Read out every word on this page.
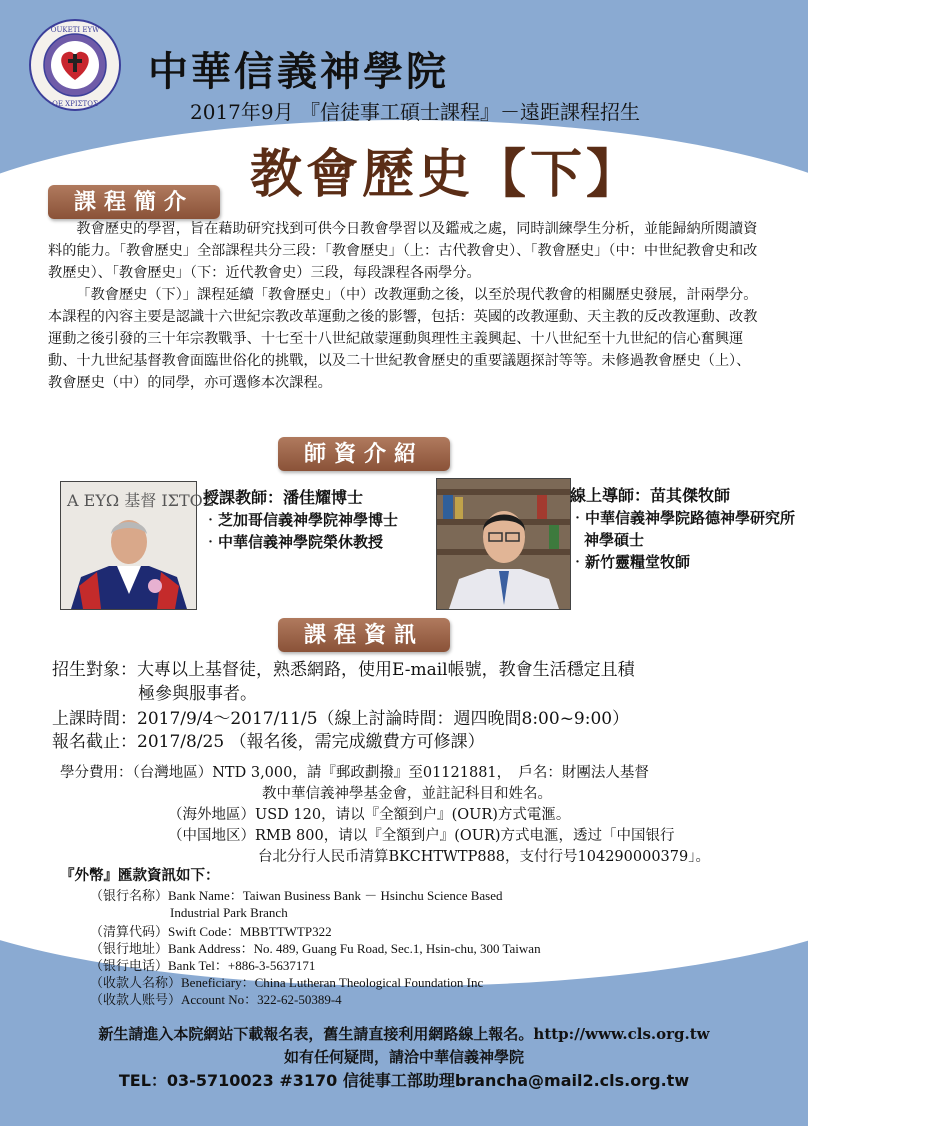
OUKETI EYW
OE XPIΣTOΣ
中華信義神學院
2017年9月 『信徒事工碩士課程』－遠距課程招生
教會歷史【下】
課程簡介

教會歷史的學習，旨在藉助研究找到可供今日教會學習以及鑑戒之處，同時訓練學生分析，並能歸納所閱讀資料的能力。「教會歷史」全部課程共分三段：「教會歷史」（上：古代教會史）、「教會歷史」（中：中世紀教會史和改教歷史）、「教會歷史」（下：近代教會史）三段，每段課程各兩學分。

「教會歷史（下）」課程延續「教會歷史」（中）改教運動之後，以至於現代教會的相關歷史發展，計兩學分。本課程的內容主要是認識十六世紀宗教改革運動之後的影響，包括：英國的改教運動、天主教的反改教運動、改教運動之後引發的三十年宗教戰爭、十七至十八世紀啟蒙運動與理性主義興起、十八世紀至十九世紀的信心奮興運動、十九世紀基督教會面臨世俗化的挑戰，以及二十世紀教會歷史的重要議題探討等等。未修過教會歷史（上）、教會歷史（中）的同學，亦可選修本次課程。

師資介紹
A ΕΥΩ 基督 ΙΣΤΟΣ
授課教師：潘佳耀博士
‧芝加哥信義神學院神學博士
‧中華信義神學院榮休教授
線上導師：苗其傑牧師
‧中華信義神學院路德神學研究所神學碩士
‧新竹靈糧堂牧師
課程資訊
招生對象：大專以上基督徒，熟悉網路，使用E-mail帳號，教會生活穩定且積
極參與服事者。
上課時間：2017/9/4～2017/11/5（線上討論時間：週四晚間8:00~9:00）
報名截止：2017/8/25 （報名後，需完成繳費方可修課）
學分費用：（台灣地區）NTD 3,000，請『郵政劃撥』至01121881，　戶名：財團法人基督
教中華信義神學基金會，並註記科目和姓名。
（海外地區）USD 120，请以『全額到户』(OUR)方式電滙。
（中国地区）RMB 800，请以『全額到户』(OUR)方式电滙，透过「中国银行
台北分行人民币清算BKCHTWTP888，支付行号104290000379」。
『外幣』匯款資訊如下：
（银行名称）Bank Name：Taiwan Business Bank － Hsinchu Science Based
Industrial Park Branch
（清算代码）Swift Code：MBBTTWTP322
（银行地址）Bank Address：No. 489, Guang Fu Road, Sec.1, Hsin-chu, 300 Taiwan
（银行电话）Bank Tel：+886-3-5637171
（收款人名称）Beneficiary：China Lutheran Theological Foundation Inc
（收款人账号）Account No：322-62-50389-4
新生請進入本院網站下載報名表，舊生請直接利用網路線上報名。http://www.cls.org.tw
如有任何疑問，請洽中華信義神學院
TEL：03-5710023 #3170 信徒事工部助理brancha@mail2.cls.org.tw
